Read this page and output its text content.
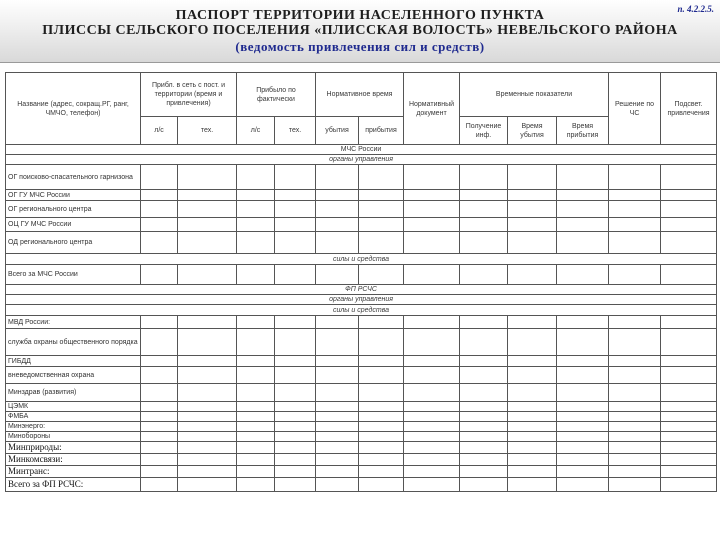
ПАСПОРТ ТЕРРИТОРИИ НАСЕЛЕННОГО ПУНКТА
ПЛИССЫ СЕЛЬСКОГО ПОСЕЛЕНИЯ «ПЛИССКАЯ ВОЛОСТЬ» НЕВЕЛЬСКОГО РАЙОНА
(ведомость привлечения сил и средств)
п. 4.2.2.5.
Название (адрес, сокращ.РГ, ранг, ЧМЧО, телефон)	Прибл. в сеть с пост. и территории (время и привлечения)		Прибыло по фактически		Нормативное время		Нормативный документ	Временные показатели			Решение по ЧС	Подсвет. привлечения
	л/с	тех.	л/с	тех.	убытия	прибытия		Получение инф.	Время убытия	Время прибытия		
МЧС России												
органы управления												
ОГ поисково-спасательного гарнизона												
ОГ ГУ МЧС России												
ОГ регионального центра												
ОЦ ГУ МЧС России												
ОД регионального центра												
силы и средства												
Всего за МЧС России												
ФП РСЧС												
органы управления												
силы и средства												
МВД России:												
служба охраны общественного порядка												
ГИБДД												
вневедомственная охрана												
Минздрав (развития)												
ЦЭМК												
ФМБА												
Минэнерго:												
Минобороны												
Минприроды:												
Минкомсвязи:												
Минтранс:												
Всего за ФП РСЧС:												
